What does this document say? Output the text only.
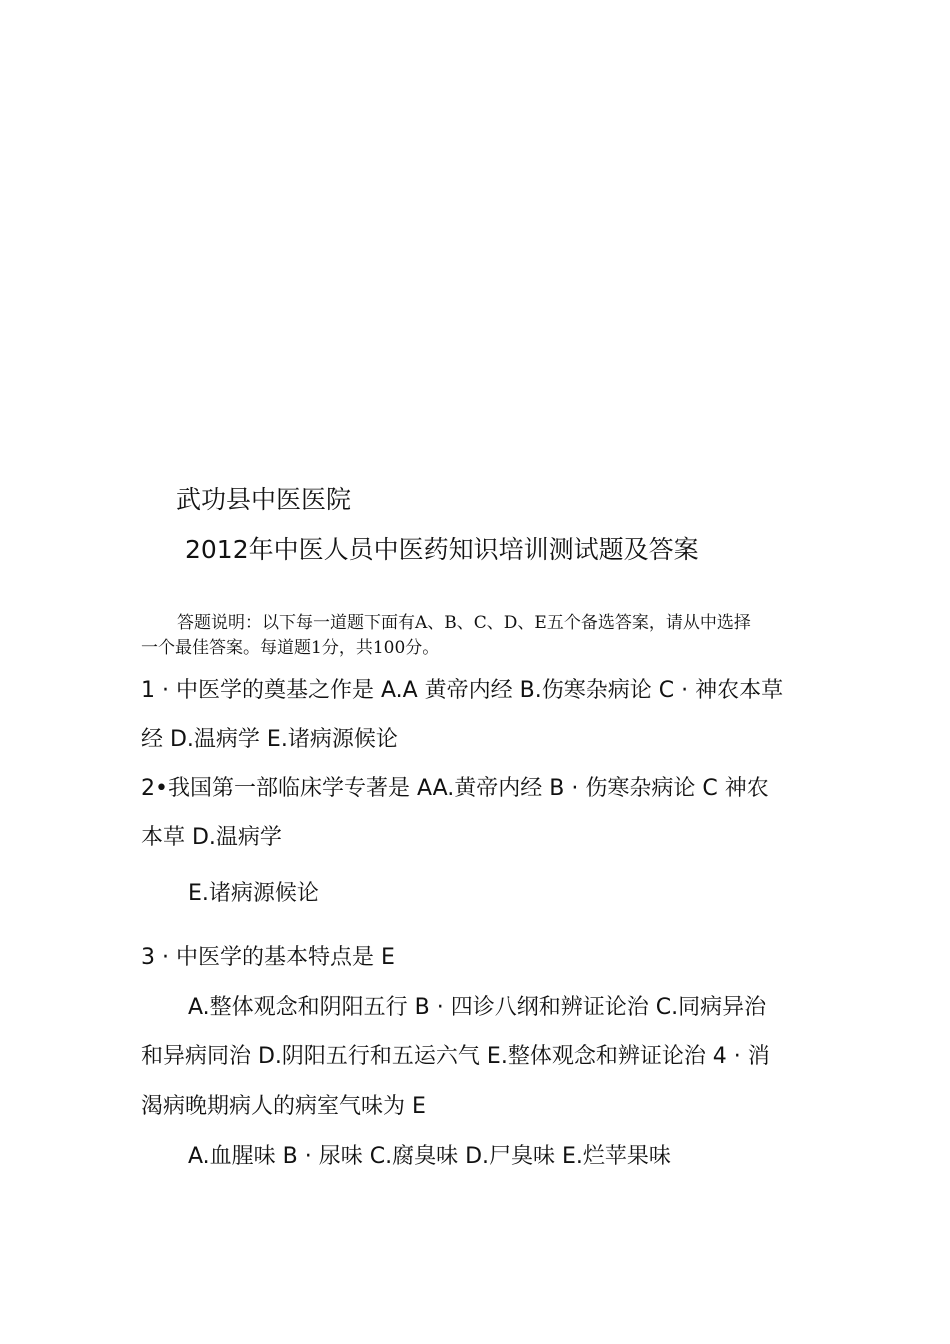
武功县中医医院
2012年中医人员中医药知识培训测试题及答案
答题说明：以下每一道题下面有A、B、C、D、E五个备选答案，请从中选择
一个最佳答案。每道题1分，共100分。
1 · 中医学的奠基之作是 A.A 黄帝内经 B.伤寒杂病论 C · 神农本草
经 D.温病学 E.诸病源候论
2•我国第一部临床学专著是 AA.黄帝内经 B · 伤寒杂病论 C 神农
本草 D.温病学
E.诸病源候论
3 · 中医学的基本特点是 E
A.整体观念和阴阳五行 B · 四诊八纲和辨证论治 C.同病异治
和异病同治 D.阴阳五行和五运六气 E.整体观念和辨证论治 4 · 消
渴病晚期病人的病室气味为 E
A.血腥味 B · 尿味 C.腐臭味 D.尸臭味 E.烂苹果味
